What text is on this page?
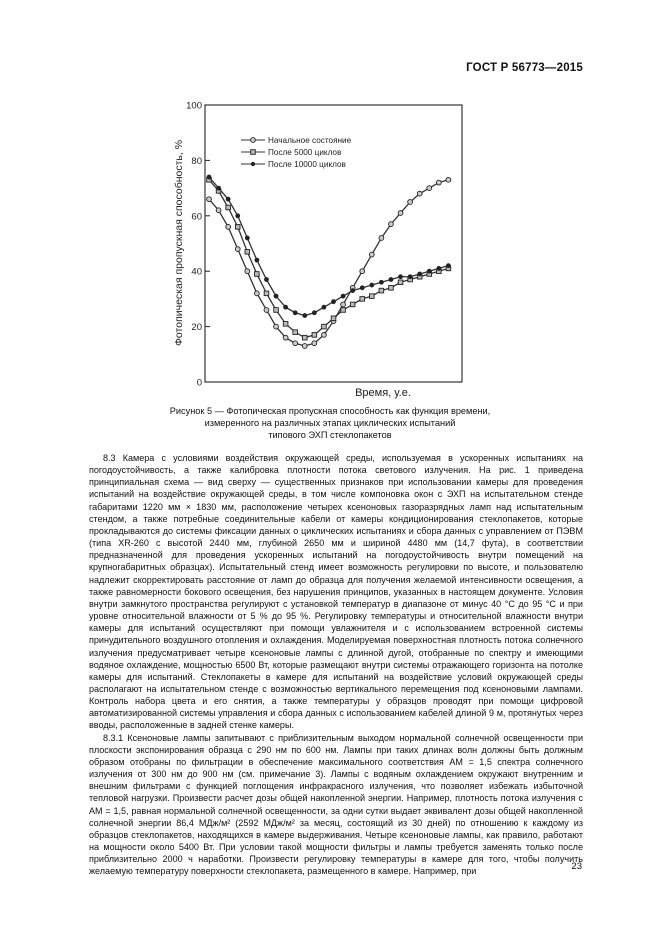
ГОСТ Р 56773—2015
0
20
40
60
80
100
Начальное состояние
После 5000 циклов
После 10000 циклов
Фотопическая пропускная способность, %
Время, у.е.
Рисунок 5 — Фотопическая пропускная способность как функция времени,
измеренного на различных этапах циклических испытаний
типового ЭХП стеклопакетов

8.3 Камера с условиями воздействия окружающей среды, используемая в ускоренных испытаниях на погодоустойчивость, а также калибровка плотности потока светового излучения. На рис. 1 приведена принципиальная схема — вид сверху — существенных признаков при использовании камеры для проведения испытаний на воздействие окружающей среды, в том числе компоновка окон с ЭХП на испытательном стенде габаритами 1220 мм × 1830 мм, расположение четырех ксеноновых газоразрядных ламп над испытательным стендом, а также потребные соединительные кабели от камеры кондиционирования стеклопакетов, которые прокладываются до системы фиксации данных о циклических испытаниях и сбора данных с управлением от ПЭВМ (типа XR-260 с высотой 2440 мм, глубиной 2650 мм и шириной 4480 мм (14,7 фута), в соответствии предназначенной для проведения ускоренных испытаний на погодоустойчивость внутри помещений на крупногабаритных образцах). Испытательный стенд имеет возможность регулировки по высоте, и пользователю надлежит скорректировать расстояние от ламп до образца для получения желаемой интенсивности освещения, а также равномерности бокового освещения, без нарушения принципов, указанных в настоящем документе. Условия внутри замкнутого пространства регулируют с установкой температур в диапазоне от минус 40 °С до 95 °С и при уровне относительной влажности от 5 % до 95 %. Регулировку температуры и относительной влажности внутри камеры для испытаний осуществляют при помощи увлажнителя и с использованием встроенной системы принудительного воздушного отопления и охлаждения. Моделируемая поверхностная плотность потока солнечного излучения предусматривает четыре ксеноновые лампы с длинной дугой, отобранные по спектру и имеющими водяное охлаждение, мощностью 6500 Вт, которые размещают внутри системы отражающего горизонта на потолке камеры для испытаний. Стеклопакеты в камере для испытаний на воздействие условий окружающей среды располагают на испытательном стенде с возможностью вертикального перемещения под ксеноновыми лампами. Контроль набора цвета и его снятия, а также температуры у образцов проводят при помощи цифровой автоматизированной системы управления и сбора данных с использованием кабелей длиной 9 м, протянутых через вводы, расположенные в задней стенке камеры.

8.3.1 Ксеноновые лампы запитывают с приблизительным выходом нормальной солнечной освещенности при плоскости экспонирования образца с 290 нм по 600 нм. Лампы при таких длинах волн должны быть должным образом отобраны по фильтрации в обеспечение максимального соответствия AM = 1,5 спектра солнечного излучения от 300 нм до 900 нм (см. примечание 3). Лампы с водяным охлаждением окружают внутренним и внешним фильтрами с функцией поглощения инфракрасного излучения, что позволяет избежать избыточной тепловой нагрузки. Произвести расчет дозы общей накопленной энергии. Например, плотность потока излучения с AM = 1,5, равная нормальной солнечной освещенности, за одни сутки выдает эквивалент дозы общей накопленной солнечной энергии 86,4 МДж/м² (2592 МДж/м² за месяц, состоящий из 30 дней) по отношению к каждому из образцов стеклопакетов, находящихся в камере выдерживания. Четыре ксеноновые лампы, как правило, работают на мощности около 5400 Вт. При условии такой мощности фильтры и лампы требуется заменять только после приблизительно 2000 ч наработки. Произвести регулировку температуры в камере для того, чтобы получить желаемую температуру поверхности стеклопакета, размещенного в камере. Например, при	23
